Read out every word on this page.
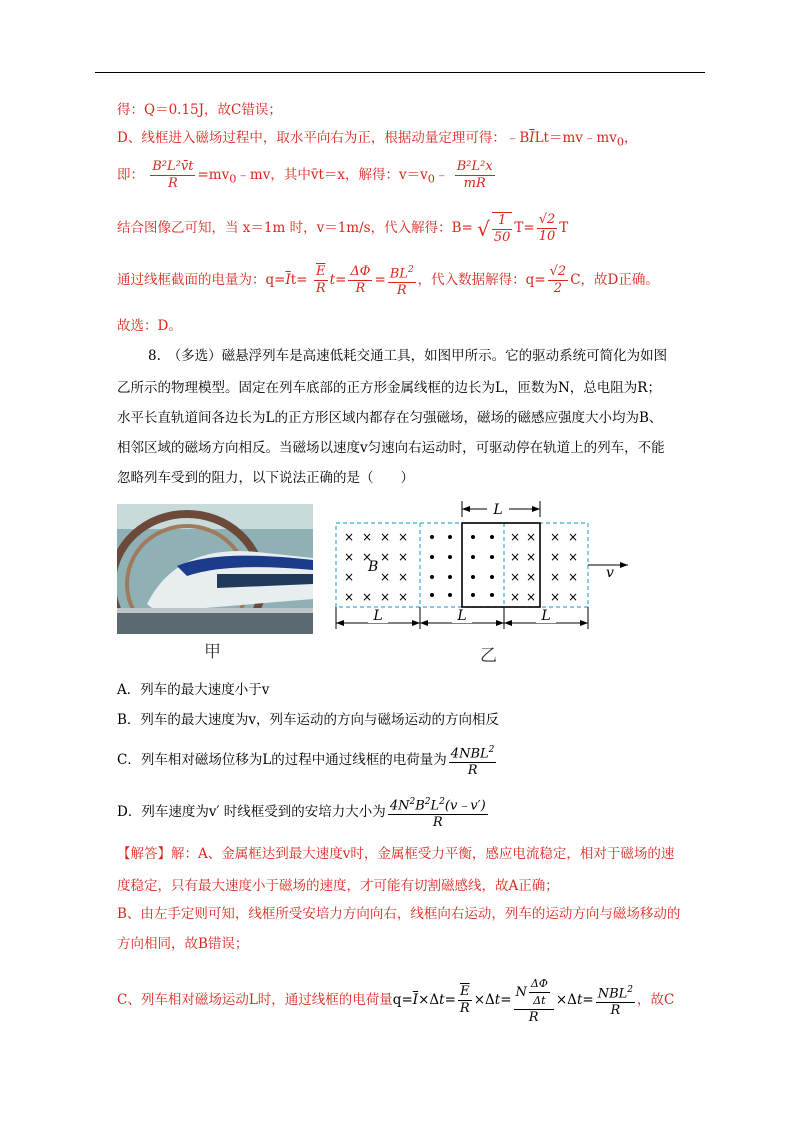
得：Q＝0.15J，故C错误；
D、线框进入磁场过程中，取水平向右为正，根据动量定理可得：$﹣B\overline{I}Lt=mv﹣mv_0$，
即： $\frac{\text{B²L²v̄t}}{R}$ $=mv_0﹣mv$，其中v̄t＝x，解得：$v=v_0﹣ \frac{\text{B²L²x}}{mR}$
结合图像乙可知，当 x＝1m 时，v＝1m/s，代入解得：B= √ $\frac{1}{50} T= \frac{√2}{10}$ T
通过线框截面的电量为：$q=\overline{I}t= \frac{\overline{E}}{R} t= \frac{\Delta\Phi}{R} = \frac{BL^2}{R}$ ，代入数据解得：$q= \frac{√2}{2}$ C，故D正确。
故选：D。
8.　（多选）磁悬浮列车是高速低耗交通工具，如图甲所示。它的驱动系统可简化为如图
乙所示的物理模型。固定在列车底部的正方形金属线框的边长为L，匝数为N，总电阻为R；
水平长直轨道间各边长为L的正方形区域内都存在匀强磁场，磁场的磁感应强度大小均为B、
相邻区域的磁场方向相反。当磁场以速度v匀速向右运动时，可驱动停在轨道上的列车，不能
忽略列车受到的阻力，以下说法正确的是（　　）
甲
L
× × × ×
× × × ×
× × ×
× × × ×
B
× × × ×
× × × ×
× × × ×
× × × ×
v
L	L	L
乙
A．列车的最大速度小于v
B．列车的最大速度为v，列车运动的方向与磁场运动的方向相反
C．列车相对磁场位移为L的过程中通过线框的电荷量为 $\frac{4NBL^2}{R}$
D．列车速度为v′ 时线框受到的安培力大小为 $\frac{4N^2B^2L^2(v﹣v')}{R}$
【解答】解：A、金属框达到最大速度v时，金属框受力平衡，感应电流稳定，相对于磁场的速
度稳定，只有最大速度小于磁场的速度，才可能有切割磁感线，故A正确；
B、由左手定则可知，线框所受安培力方向向右，线框向右运动，列车的运动方向与磁场移动的
方向相同，故B错误；
C、列车相对磁场运动L时，通过线框的电荷量$q=\overline{I}\times\Delta t= \frac{\overline{E}}{R} \times\Delta t= \frac{N \frac{\Delta\Phi}{\Delta t}}{R} \times\Delta t= \frac{NBL^2}{R}$ ，故C
